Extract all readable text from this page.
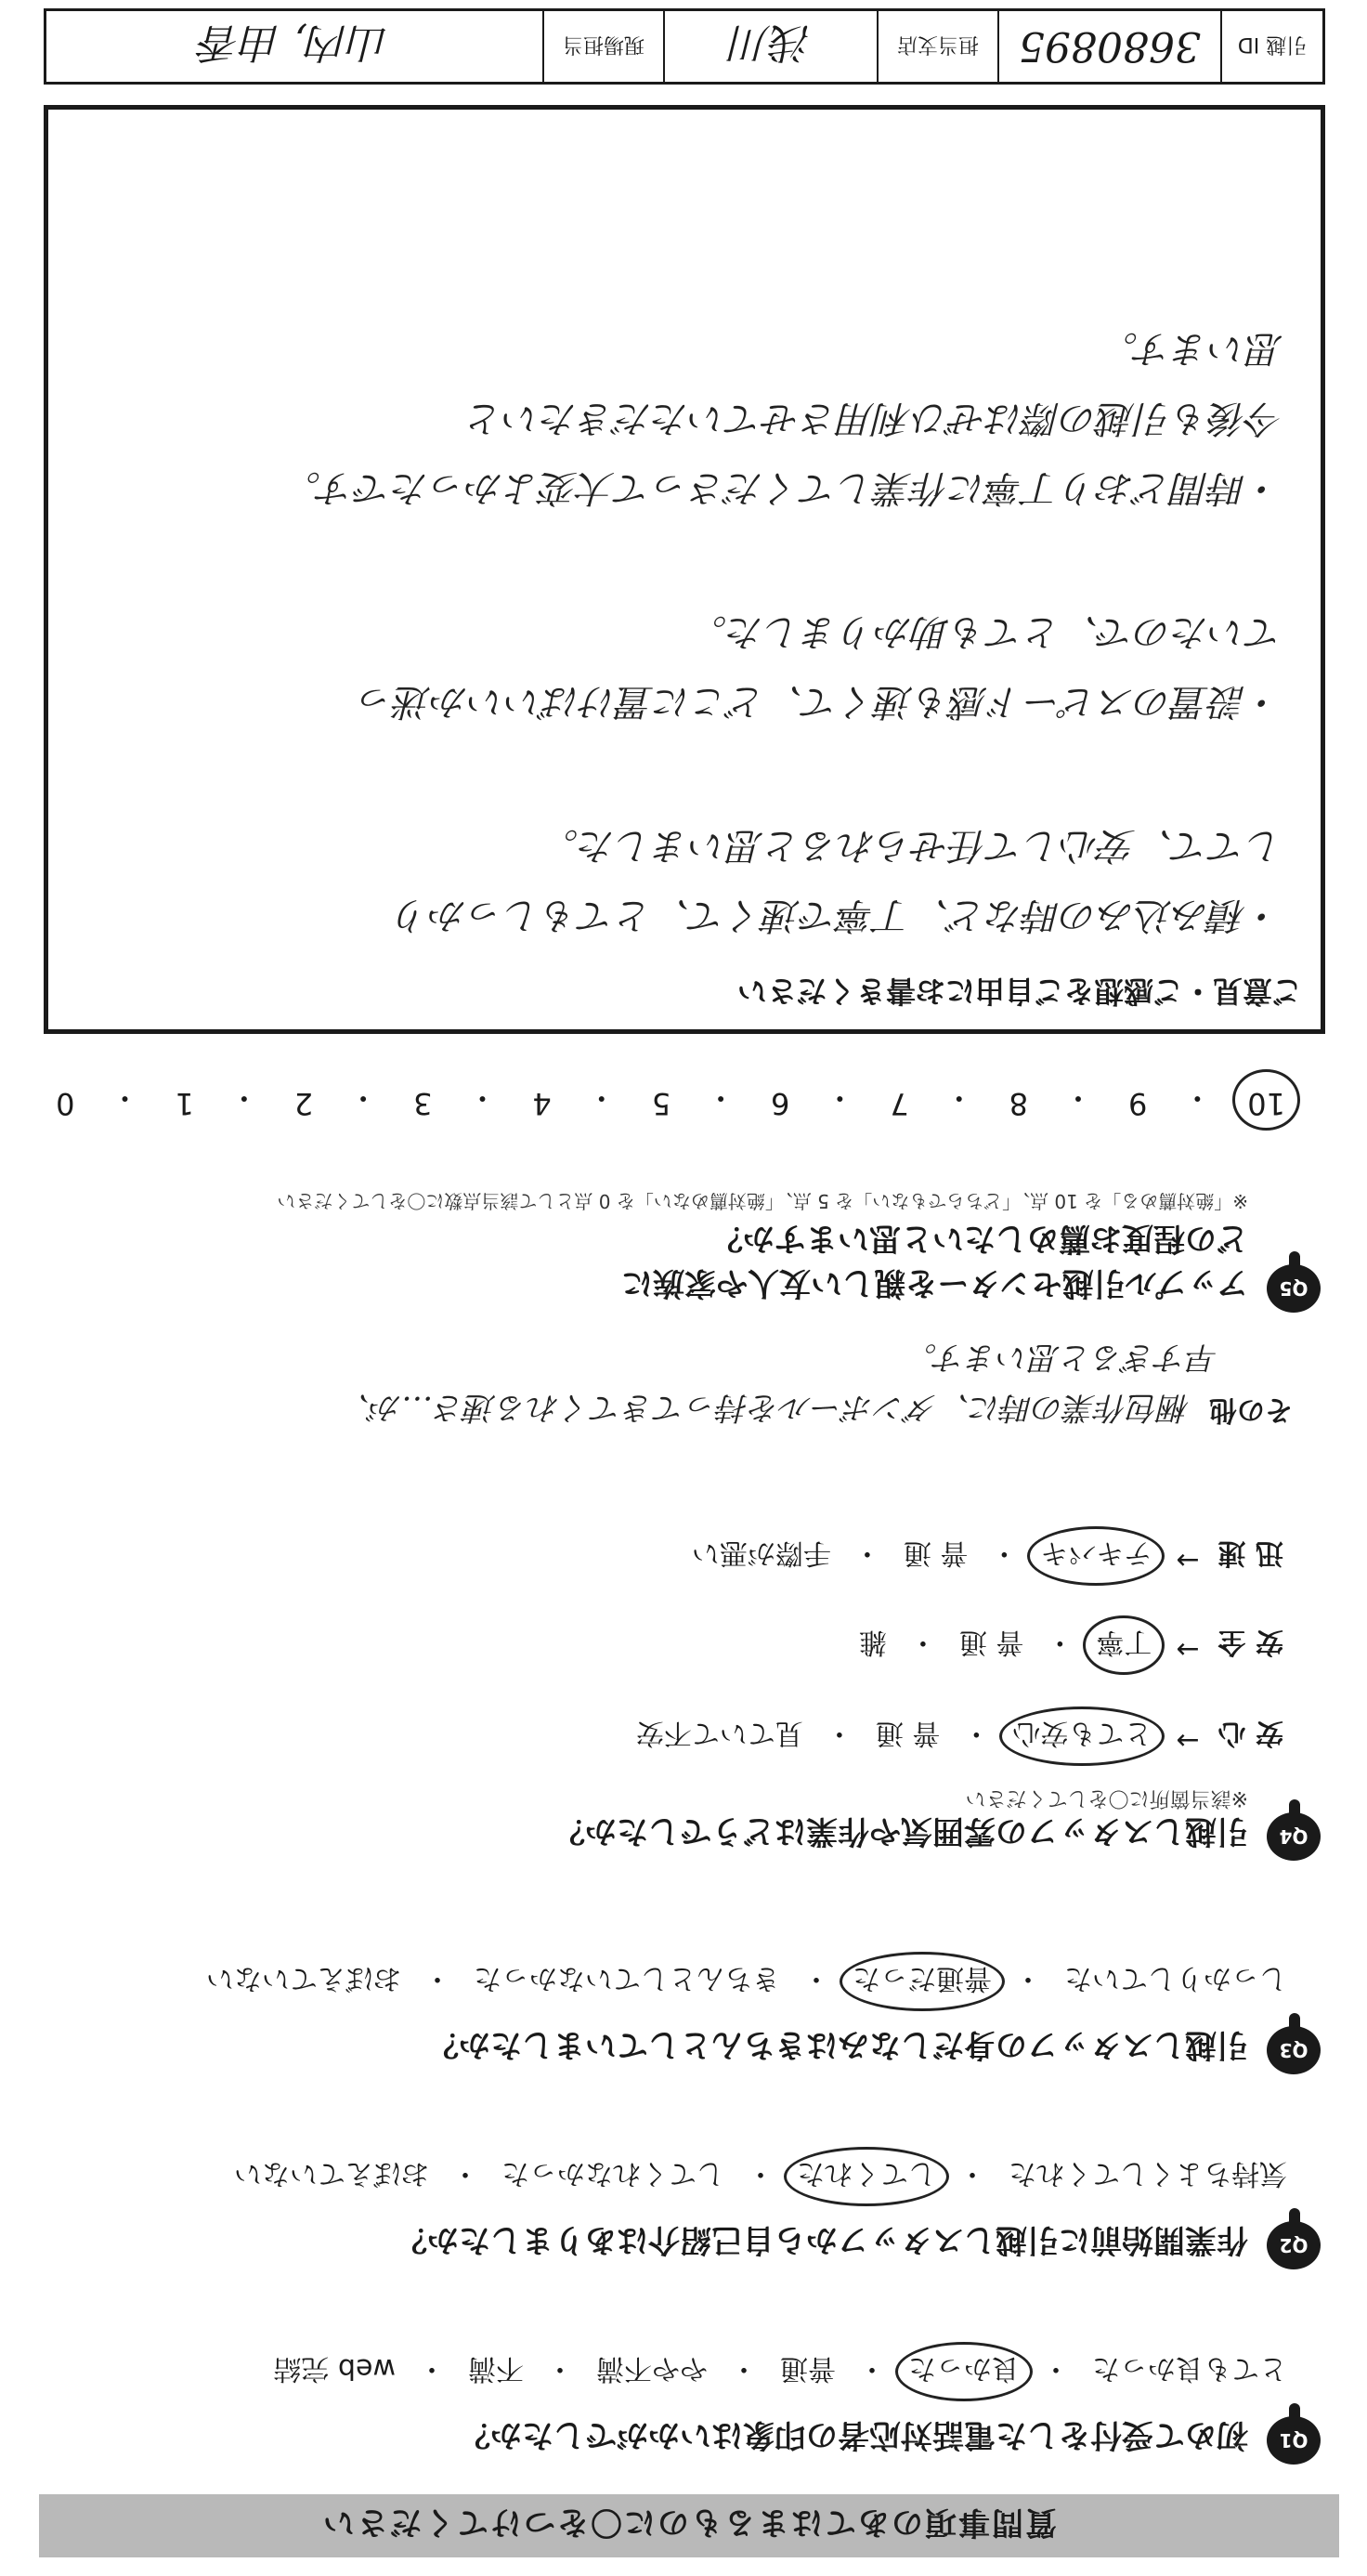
質問事項のあてはまるものに〇をつけてください
Q1
初めて受付をした電話対応者の印象はいかがでしたか？
とても良かった
・
良かった
・
普通
・
やや不満
・
不満
・
web 完結
Q2
作業開始前に引越しスタッフから自己紹介はありましたか？
気持ちよくしてくれた
・
してくれた
・
してくれなかった
・
おぼえていない
Q3
引越しスタッフの身だしなみはきちんとしていましたか？
しっかりしていた
・
普通だった
・
きちんとしていなかった
・
おぼえていない
Q4
引越しスタッフの雰囲気や作業はどうでしたか？
※該当箇所に〇をしてください
安 心
→
とても安心
・
普 通
・
見ていて不安
安 全
→
丁寧
・
普 通
・
雑
迅 速
→
テキパキ
・
普 通
・
手際が悪い
その他
梱包作業の時に、ダンボールを持ってきてくれる速さ…が、
早すぎると思います。
Q5
アップル引越センターを親しい友人や家族に
どの程度お薦めしたいと思いますか？
※「絶対薦める」を 10 点、「どちらでもない」を 5 点、「絶対薦めない」を 0 点として該当点数に〇をしてください
10
・
9
・
8
・
7
・
6
・
5
・
4
・
3
・
2
・
1
・
0
ご意見・ご感想をご自由にお書きください
・積み込みの時など、丁寧で速くて、とてもしっかり
してて、安心して任せられると思いました。
・設置のスピード感も速くて、どこに置けばいいか迷っ
ていたので、とても助かりました。
・時間どおり丁寧に作業してくださって大変よかったです。
今後も引越の際はぜひ利用させていただきたいと
思います。
引越 ID
3680895
担当支店
浅川
現場担当
山内, 由香
